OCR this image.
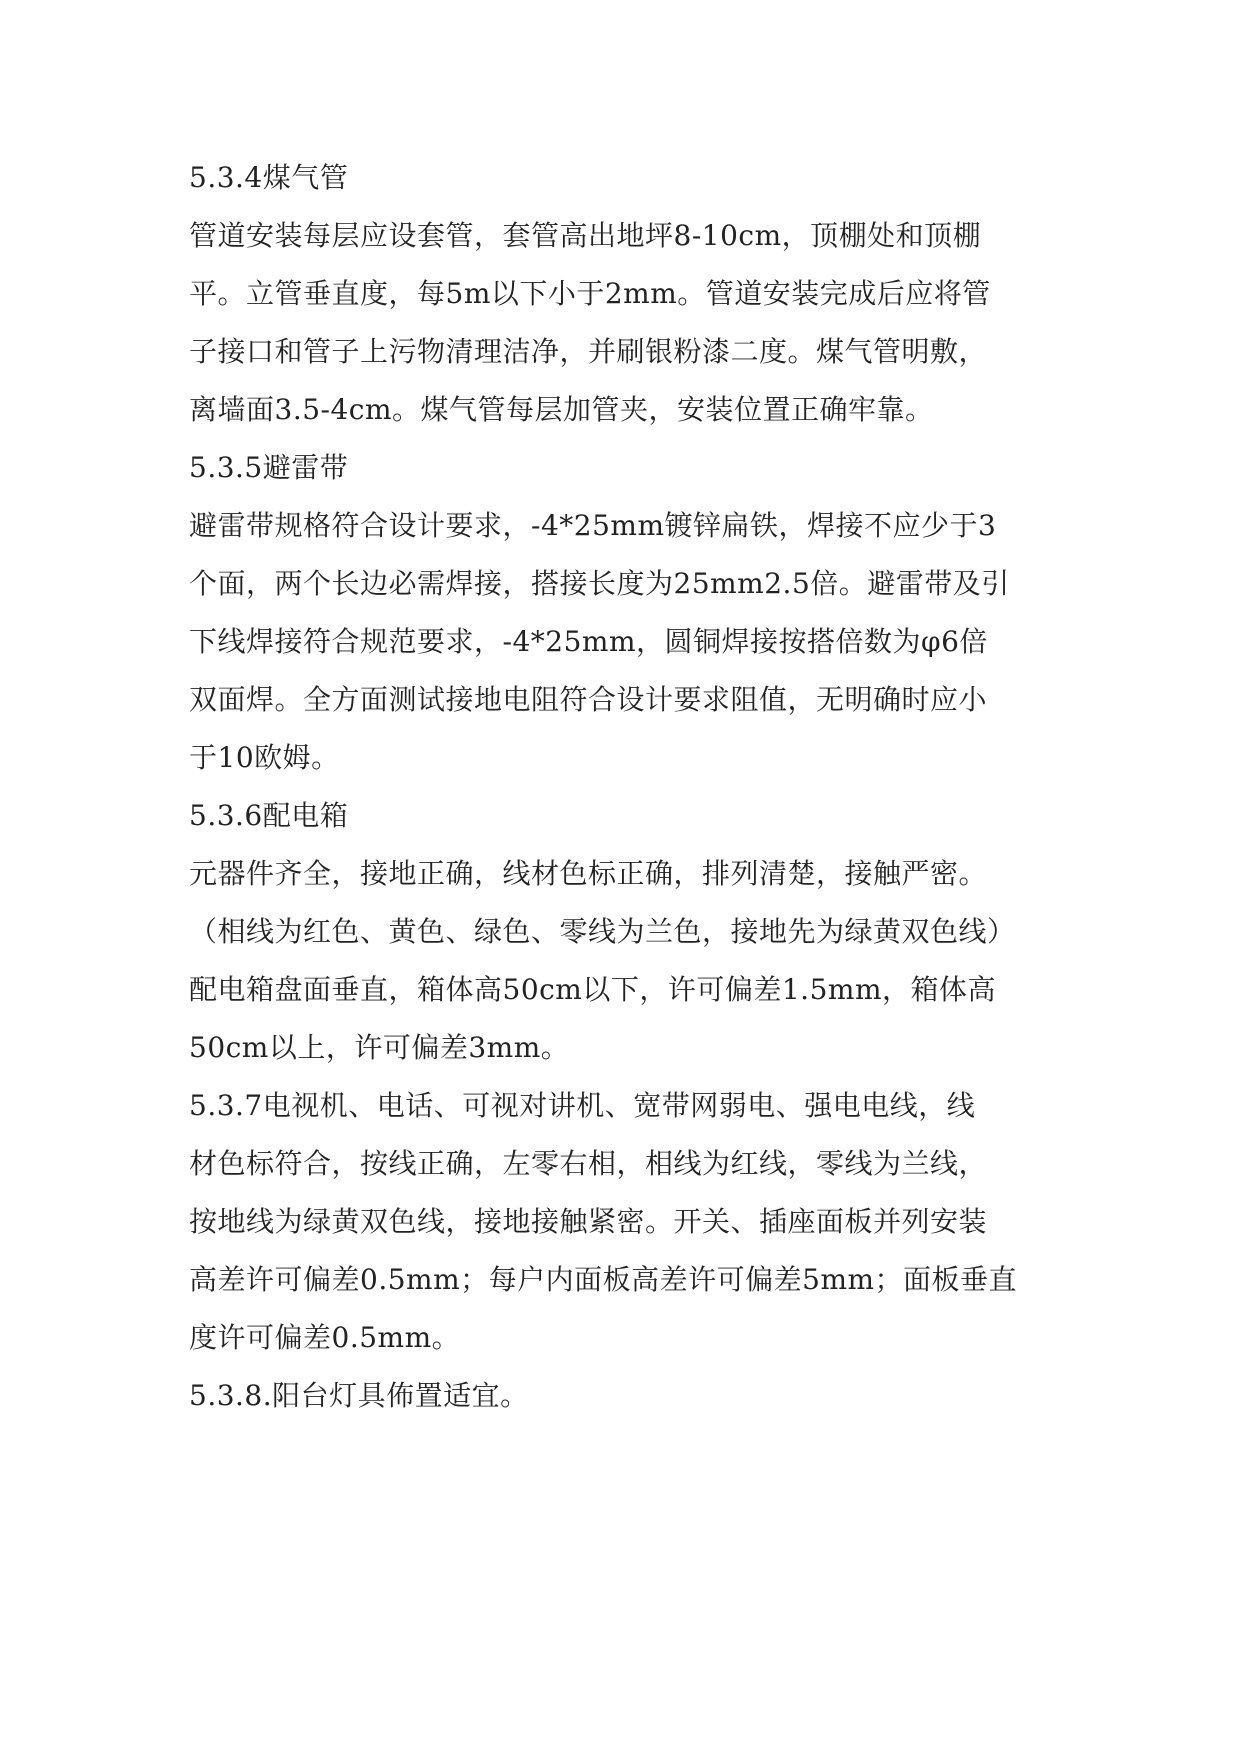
5.3.4煤气管
管道安装每层应设套管，套管高出地坪8-10cm，顶棚处和顶棚
平。立管垂直度，每5m以下小于2mm。管道安装完成后应将管
子接口和管子上污物清理洁净，并刷银粉漆二度。煤气管明敷，
离墙面3.5-4cm。煤气管每层加管夹，安装位置正确牢靠。
5.3.5避雷带
避雷带规格符合设计要求，-4*25mm镀锌扁铁，焊接不应少于3
个面，两个长边必需焊接，搭接长度为25mm2.5倍。避雷带及引
下线焊接符合规范要求，-4*25mm，圆铜焊接按搭倍数为φ6倍
双面焊。全方面测试接地电阻符合设计要求阻值，无明确时应小
于10欧姆。
5.3.6配电箱
元器件齐全，接地正确，线材色标正确，排列清楚，接触严密。
（相线为红色、黄色、绿色、零线为兰色，接地先为绿黄双色线）
配电箱盘面垂直，箱体高50cm以下，许可偏差1.5mm，箱体高
50cm以上，许可偏差3mm。
5.3.7电视机、电话、可视对讲机、宽带网弱电、强电电线，线
材色标符合，按线正确，左零右相，相线为红线，零线为兰线，
按地线为绿黄双色线，接地接触紧密。开关、插座面板并列安装
高差许可偏差0.5mm；每户内面板高差许可偏差5mm；面板垂直
度许可偏差0.5mm。
5.3.8.阳台灯具佈置适宜。
